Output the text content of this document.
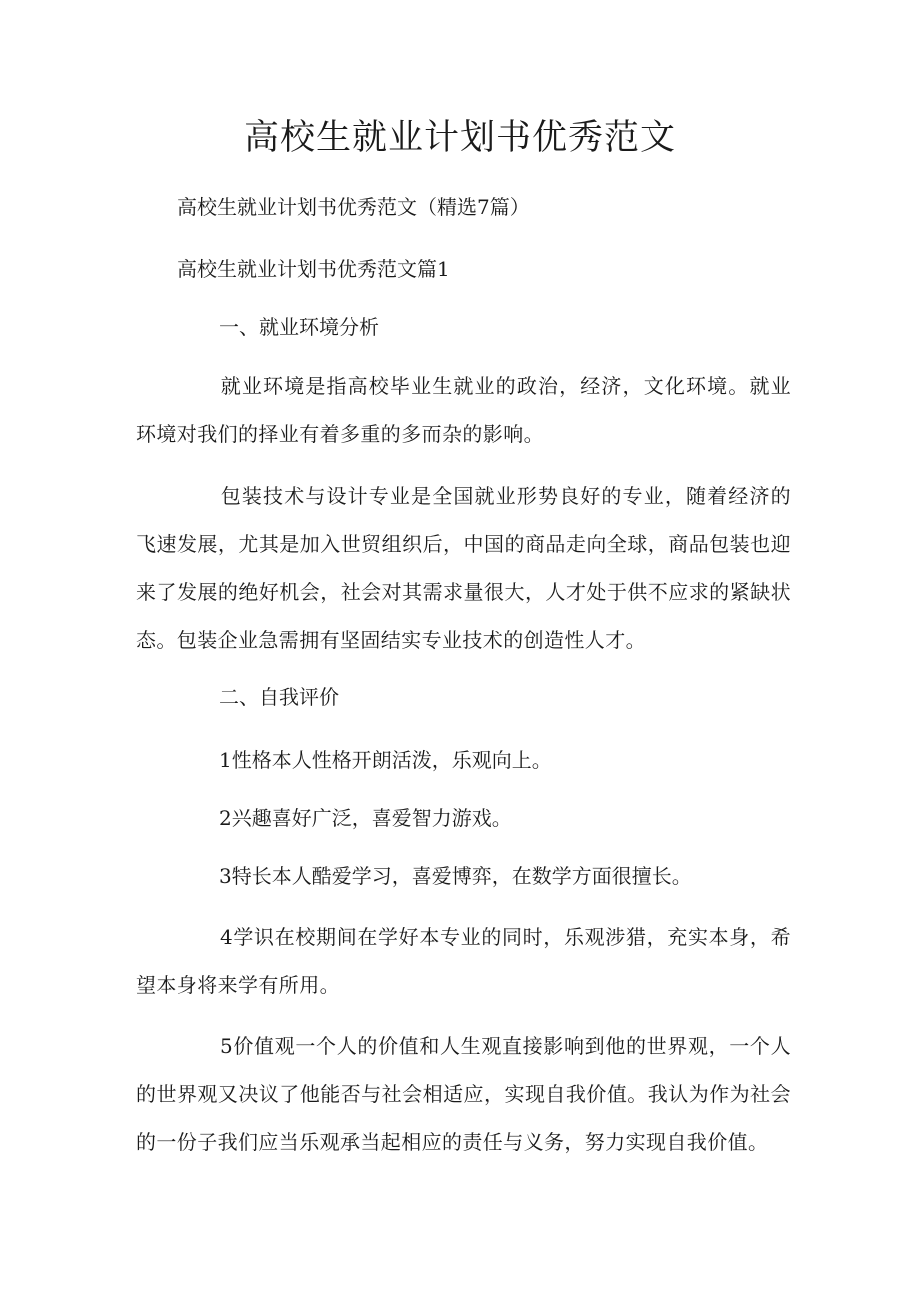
高校生就业计划书优秀范文

高校生就业计划书优秀范文（精选7篇）

高校生就业计划书优秀范文篇1

一、就业环境分析

就业环境是指高校毕业生就业的政治，经济，文化环境。就业环境对我们的择业有着多重的多而杂的影响。

包装技术与设计专业是全国就业形势良好的专业，随着经济的飞速发展，尤其是加入世贸组织后，中国的商品走向全球，商品包装也迎来了发展的绝好机会，社会对其需求量很大，人才处于供不应求的紧缺状态。包装企业急需拥有坚固结实专业技术的创造性人才。

二、自我评价

1性格本人性格开朗活泼，乐观向上。

2兴趣喜好广泛，喜爱智力游戏。

3特长本人酷爱学习，喜爱博弈，在数学方面很擅长。

4学识在校期间在学好本专业的同时，乐观涉猎，充实本身，希望本身将来学有所用。

5价值观一个人的价值和人生观直接影响到他的世界观，一个人的世界观又决议了他能否与社会相适应，实现自我价值。我认为作为社会的一份子我们应当乐观承当起相应的责任与义务，努力实现自我价值。
